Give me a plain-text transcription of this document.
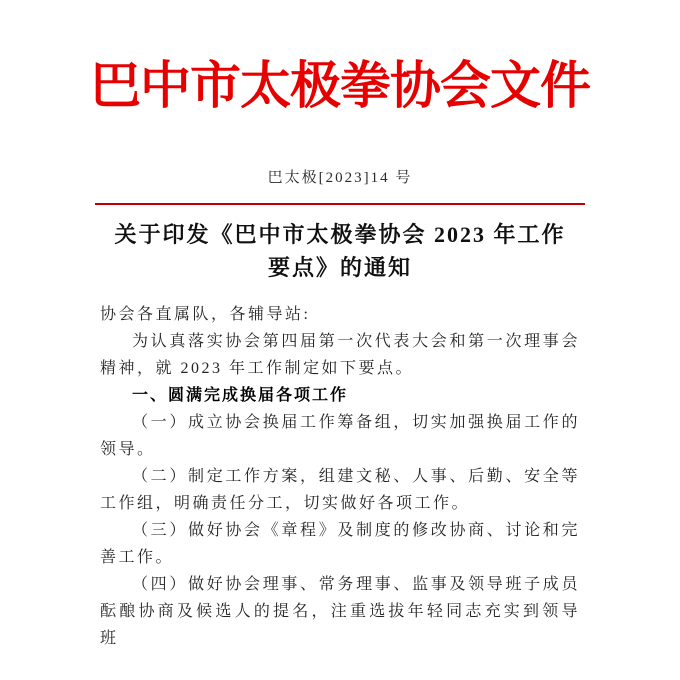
巴中市太极拳协会文件
巴太极[2023]14 号
关于印发《巴中市太极拳协会 2023 年工作
要点》的通知

协会各直属队，各辅导站:

为认真落实协会第四届第一次代表大会和第一次理事会精神，就 2023 年工作制定如下要点。

一、圆满完成换届各项工作

（一）成立协会换届工作筹备组，切实加强换届工作的领导。

（二）制定工作方案，组建文秘、人事、后勤、安全等工作组，明确责任分工，切实做好各项工作。

（三）做好协会《章程》及制度的修改协商、讨论和完善工作。

（四）做好协会理事、常务理事、监事及领导班子成员酝酿协商及候选人的提名，注重选拔年轻同志充实到领导班
